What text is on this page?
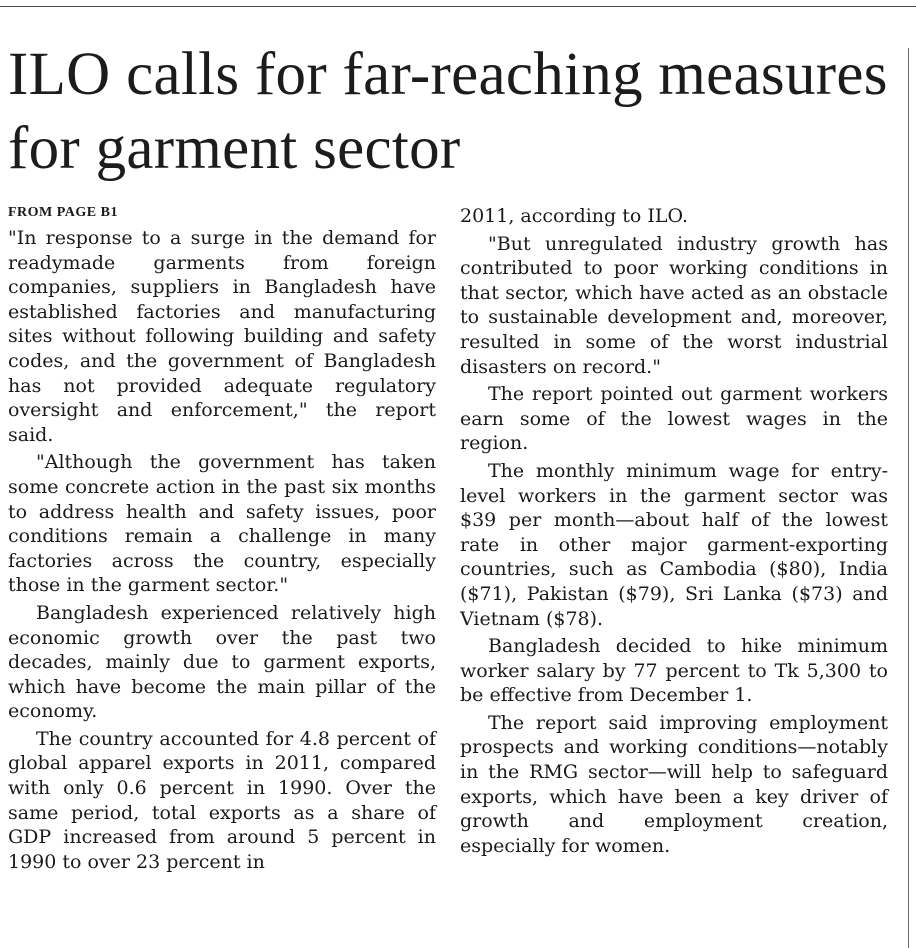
ILO calls for far-reaching measures for garment sector

FROM PAGE B1

"In response to a surge in the demand for readymade garments from foreign companies, suppliers in Bangladesh have established factories and manufacturing sites without following building and safety codes, and the government of Bangladesh has not provided adequate regulatory oversight and enforcement," the report said.

"Although the government has taken some concrete action in the past six months to address health and safety issues, poor conditions remain a challenge in many factories across the country, especially those in the garment sector."

Bangladesh experienced relatively high economic growth over the past two decades, mainly due to garment exports, which have become the main pillar of the economy.

The country accounted for 4.8 percent of global apparel exports in 2011, compared with only 0.6 percent in 1990. Over the same period, total exports as a share of GDP increased from around 5 percent in 1990 to over 23 percent in

2011, according to ILO.

"But unregulated industry growth has contributed to poor working conditions in that sector, which have acted as an obstacle to sustainable development and, moreover, resulted in some of the worst industrial disasters on record."

The report pointed out garment workers earn some of the lowest wages in the region.

The monthly minimum wage for entry-level workers in the garment sector was $39 per month—about half of the lowest rate in other major garment-exporting countries, such as Cambodia ($80), India ($71), Pakistan ($79), Sri Lanka ($73) and Vietnam ($78).

Bangladesh decided to hike minimum worker salary by 77 percent to Tk 5,300 to be effective from December 1.

The report said improving employment prospects and working conditions—notably in the RMG sector—will help to safeguard exports, which have been a key driver of growth and employment creation, especially for women.
